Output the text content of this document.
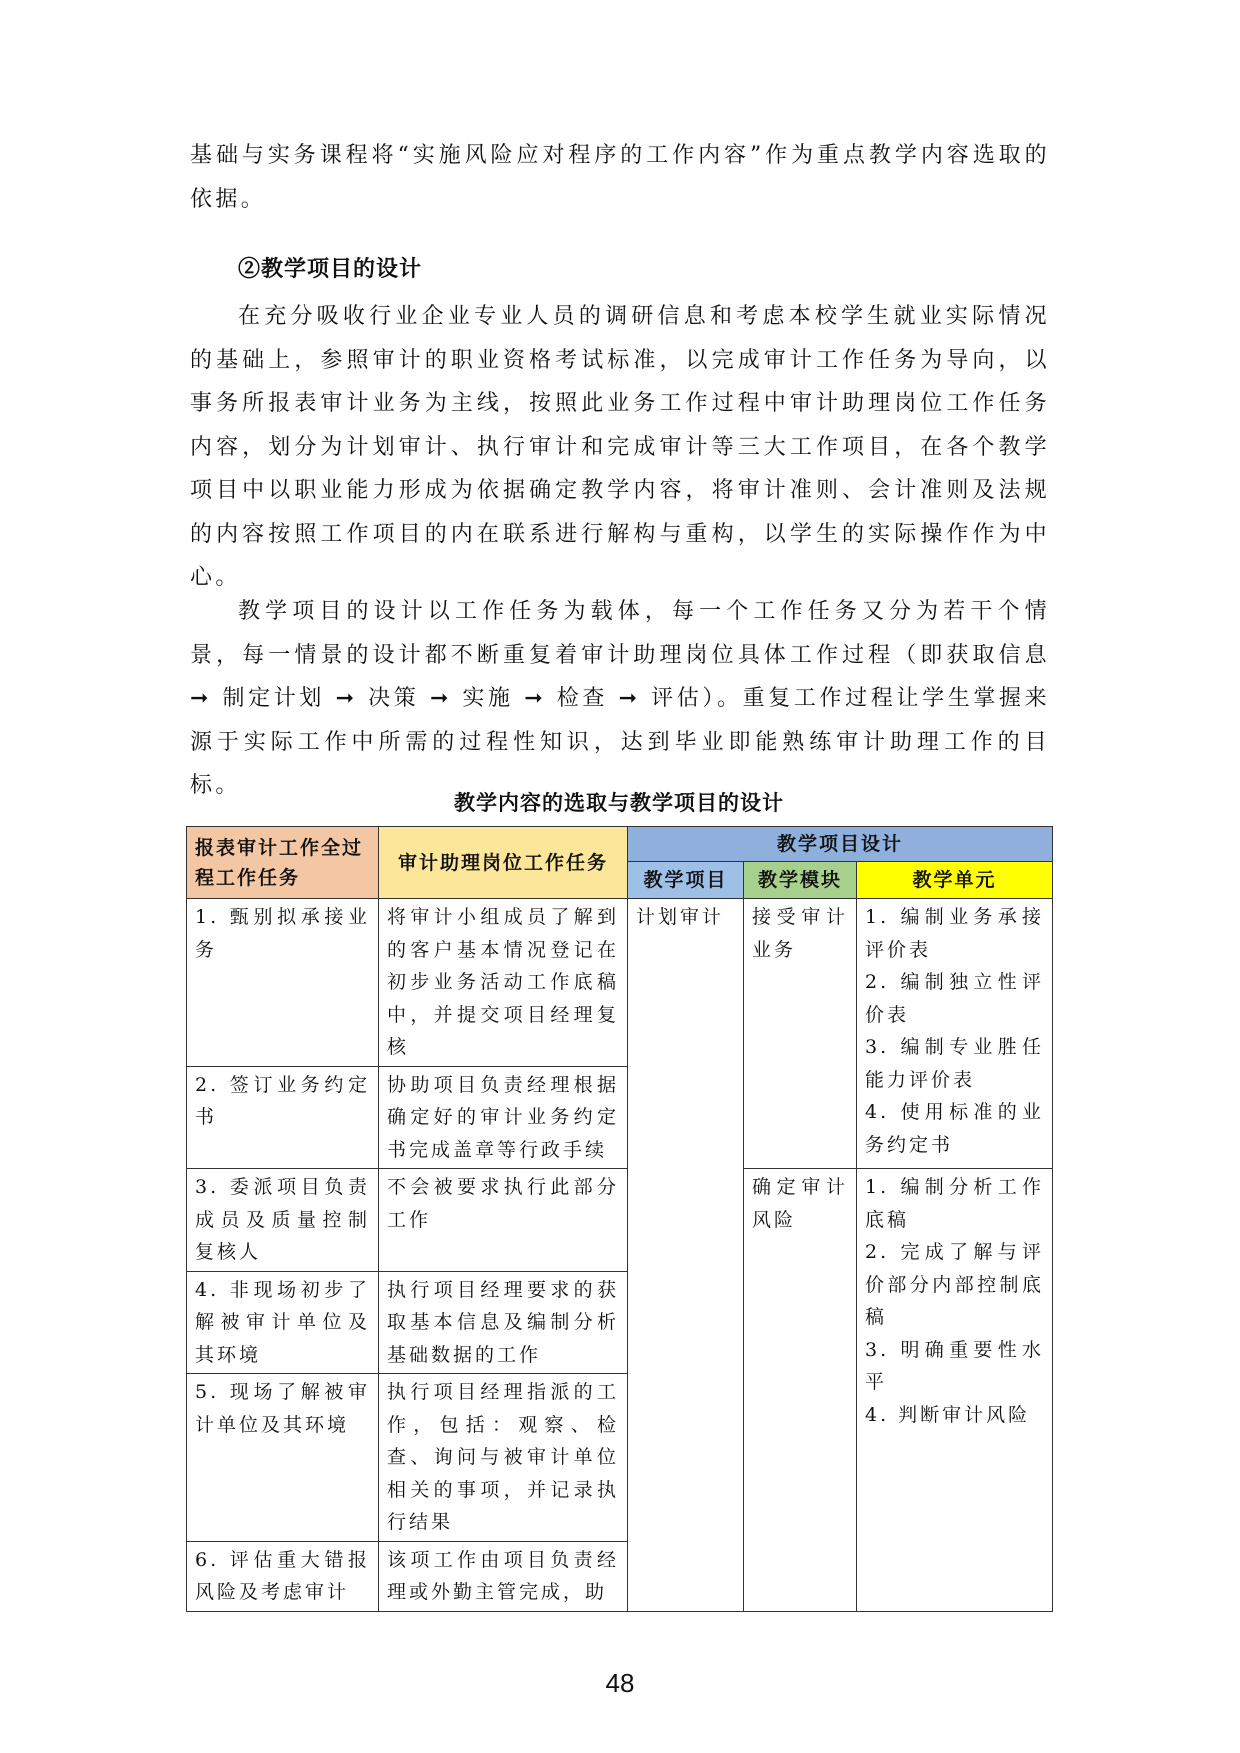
基础与实务课程将“实施风险应对程序的工作内容”作为重点教学内容选取的依据。

②教学项目的设计

在充分吸收行业企业专业人员的调研信息和考虑本校学生就业实际情况的基础上，参照审计的职业资格考试标准，以完成审计工作任务为导向，以事务所报表审计业务为主线，按照此业务工作过程中审计助理岗位工作任务内容，划分为计划审计、执行审计和完成审计等三大工作项目，在各个教学项目中以职业能力形成为依据确定教学内容，将审计准则、会计准则及法规的内容按照工作项目的内在联系进行解构与重构，以学生的实际操作作为中心。

教学项目的设计以工作任务为载体，每一个工作任务又分为若干个情景，每一情景的设计都不断重复着审计助理岗位具体工作过程（即获取信息 ➞ 制定计划 ➞ 决策 ➞ 实施 ➞ 检查 ➞ 评估）。重复工作过程让学生掌握来源于实际工作中所需的过程性知识，达到毕业即能熟练审计助理工作的目标。

教学内容的选取与教学项目的设计
报表审计工作全过程工作任务	审计助理岗位工作任务	教学项目设计		
		教学项目	教学模块	教学单元
1. 甄别拟承接业务	将审计小组成员了解到的客户基本情况登记在初步业务活动工作底稿中，并提交项目经理复核	计划审计	接受审计业务	1. 编制业务承接评价表
2. 编制独立性评价表
3. 编制专业胜任能力评价表
4. 使用标准的业务约定书

2. 签订业务约定书	协助项目负责经理根据确定好的审计业务约定书完成盖章等行政手续			
3. 委派项目负责成员及质量控制复核人	不会被要求执行此部分工作		确定审计风险	1. 编制分析工作底稿
2. 完成了解与评价部分内部控制底稿
3. 明确重要性水平
4. 判断审计风险

4. 非现场初步了解被审计单位及其环境	执行项目经理要求的获取基本信息及编制分析基础数据的工作			
5. 现场了解被审计单位及其环境	执行项目经理指派的工作，包括：观察、检查、询问与被审计单位相关的事项，并记录执行结果			
6. 评估重大错报风险及考虑审计	该项工作由项目负责经理或外勤主管完成，助			
48
